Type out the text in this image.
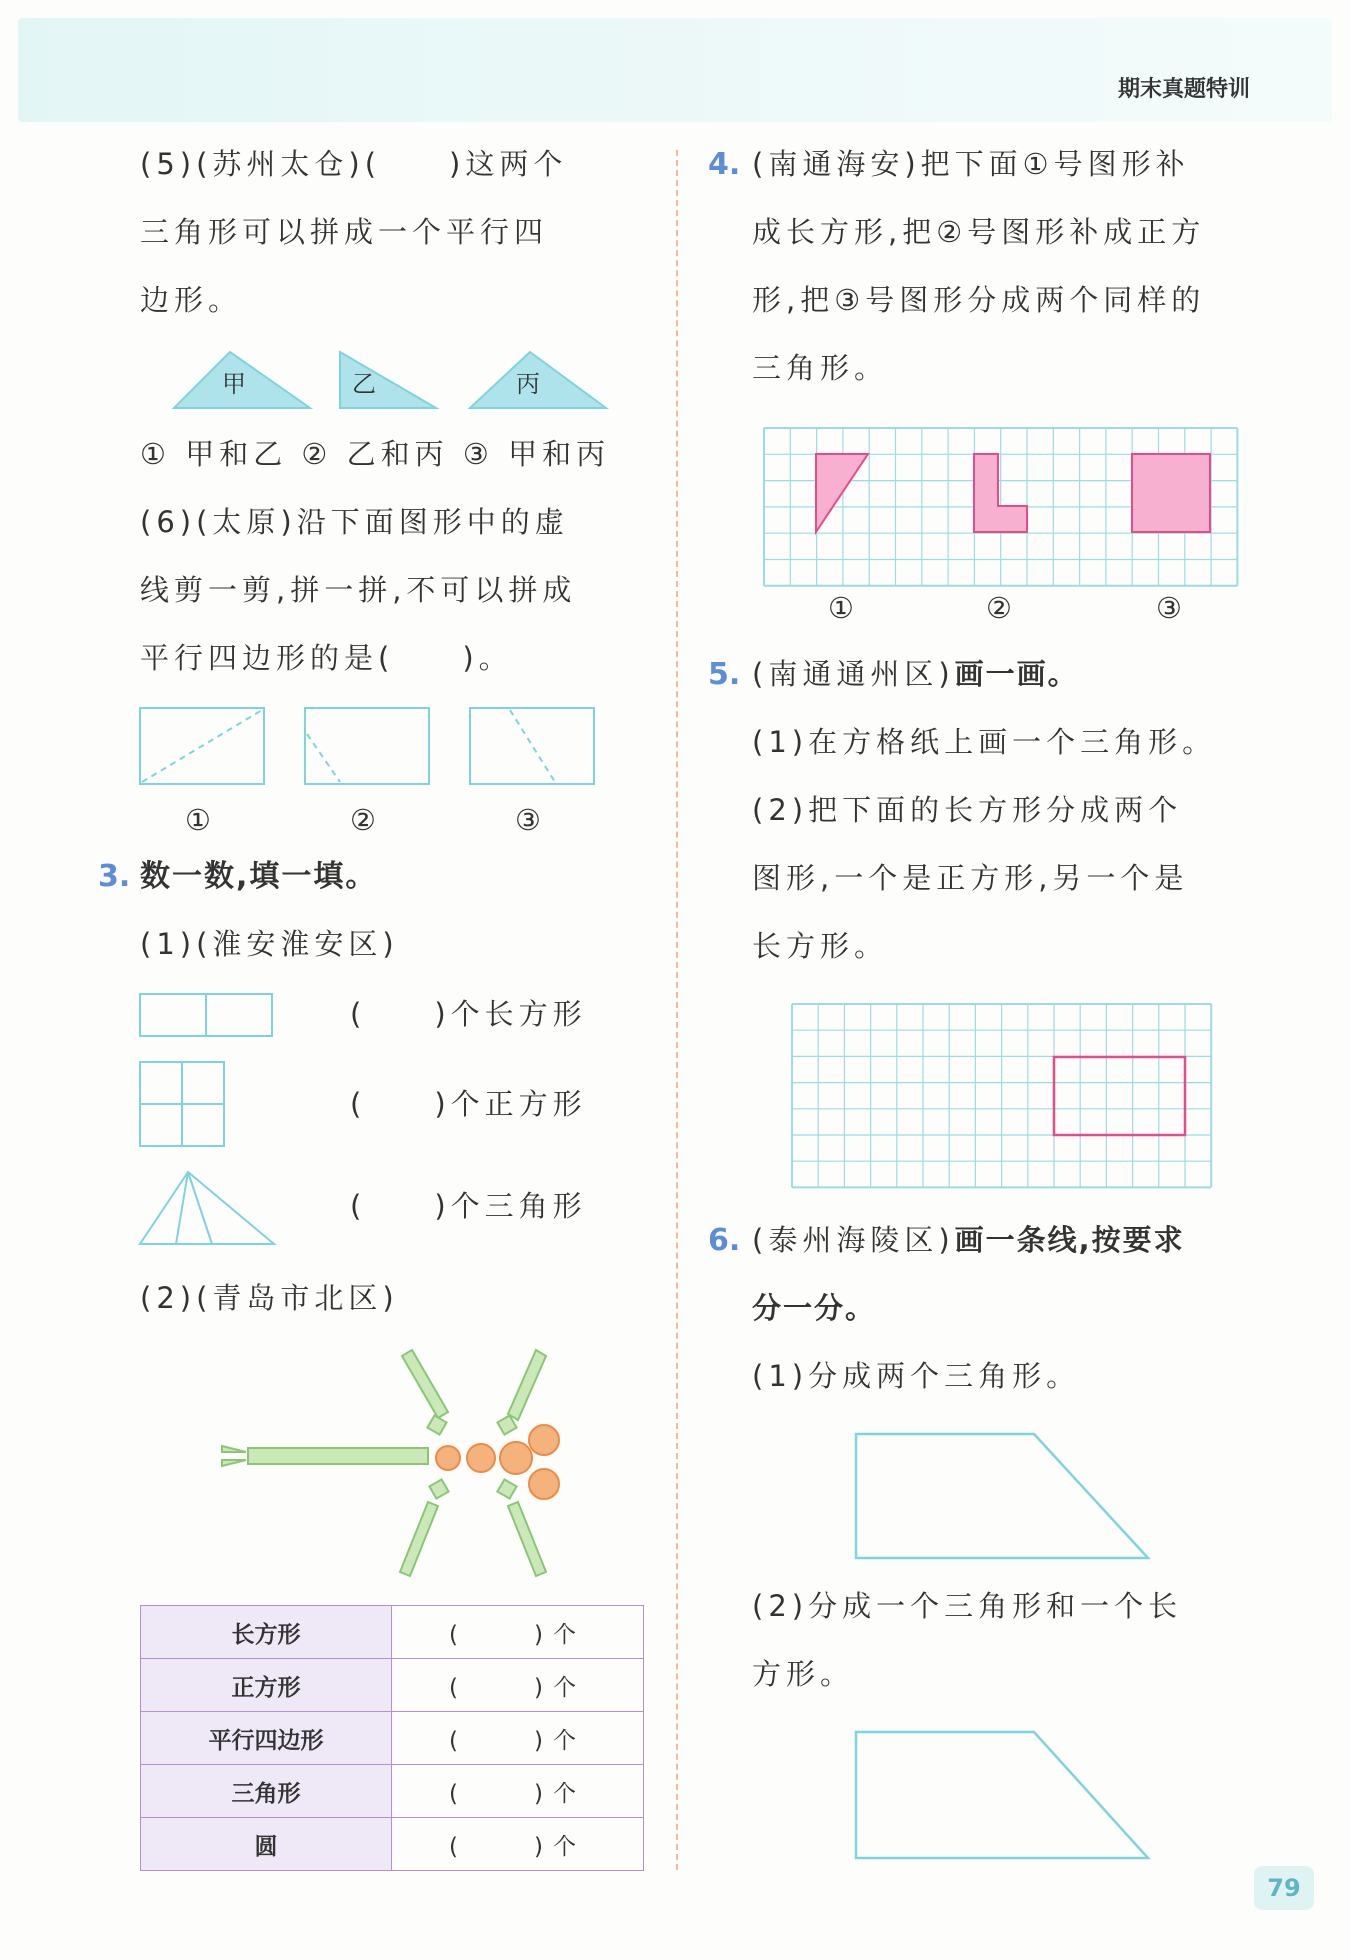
期末真题特训
(5)(苏州太仓)(　　)这两个
三角形可以拼成一个平行四
边形。
甲	乙	丙
① 甲和乙 ② 乙和丙 ③ 甲和丙
(6)(太原)沿下面图形中的虚
线剪一剪,拼一拼,不可以拼成
平行四边形的是(　　)。
①	②	③
3. 数一数,填一填。
(1)(淮安淮安区)
(　　)个长方形
(　　)个正方形
(　　)个三角形
(2)(青岛市北区)
长方形	(　　)个
正方形	(　　)个
平行四边形	(　　)个
三角形	(　　)个
圆	(　　)个
4. (南通海安)把下面①号图形补
成长方形,把②号图形补成正方
形,把③号图形分成两个同样的
三角形。
①	②	③
5. (南通通州区)画一画。
(1)在方格纸上画一个三角形。
(2)把下面的长方形分成两个
图形,一个是正方形,另一个是
长方形。
6. (泰州海陵区)画一条线,按要求
分一分。
(1)分成两个三角形。
(2)分成一个三角形和一个长
方形。
79
